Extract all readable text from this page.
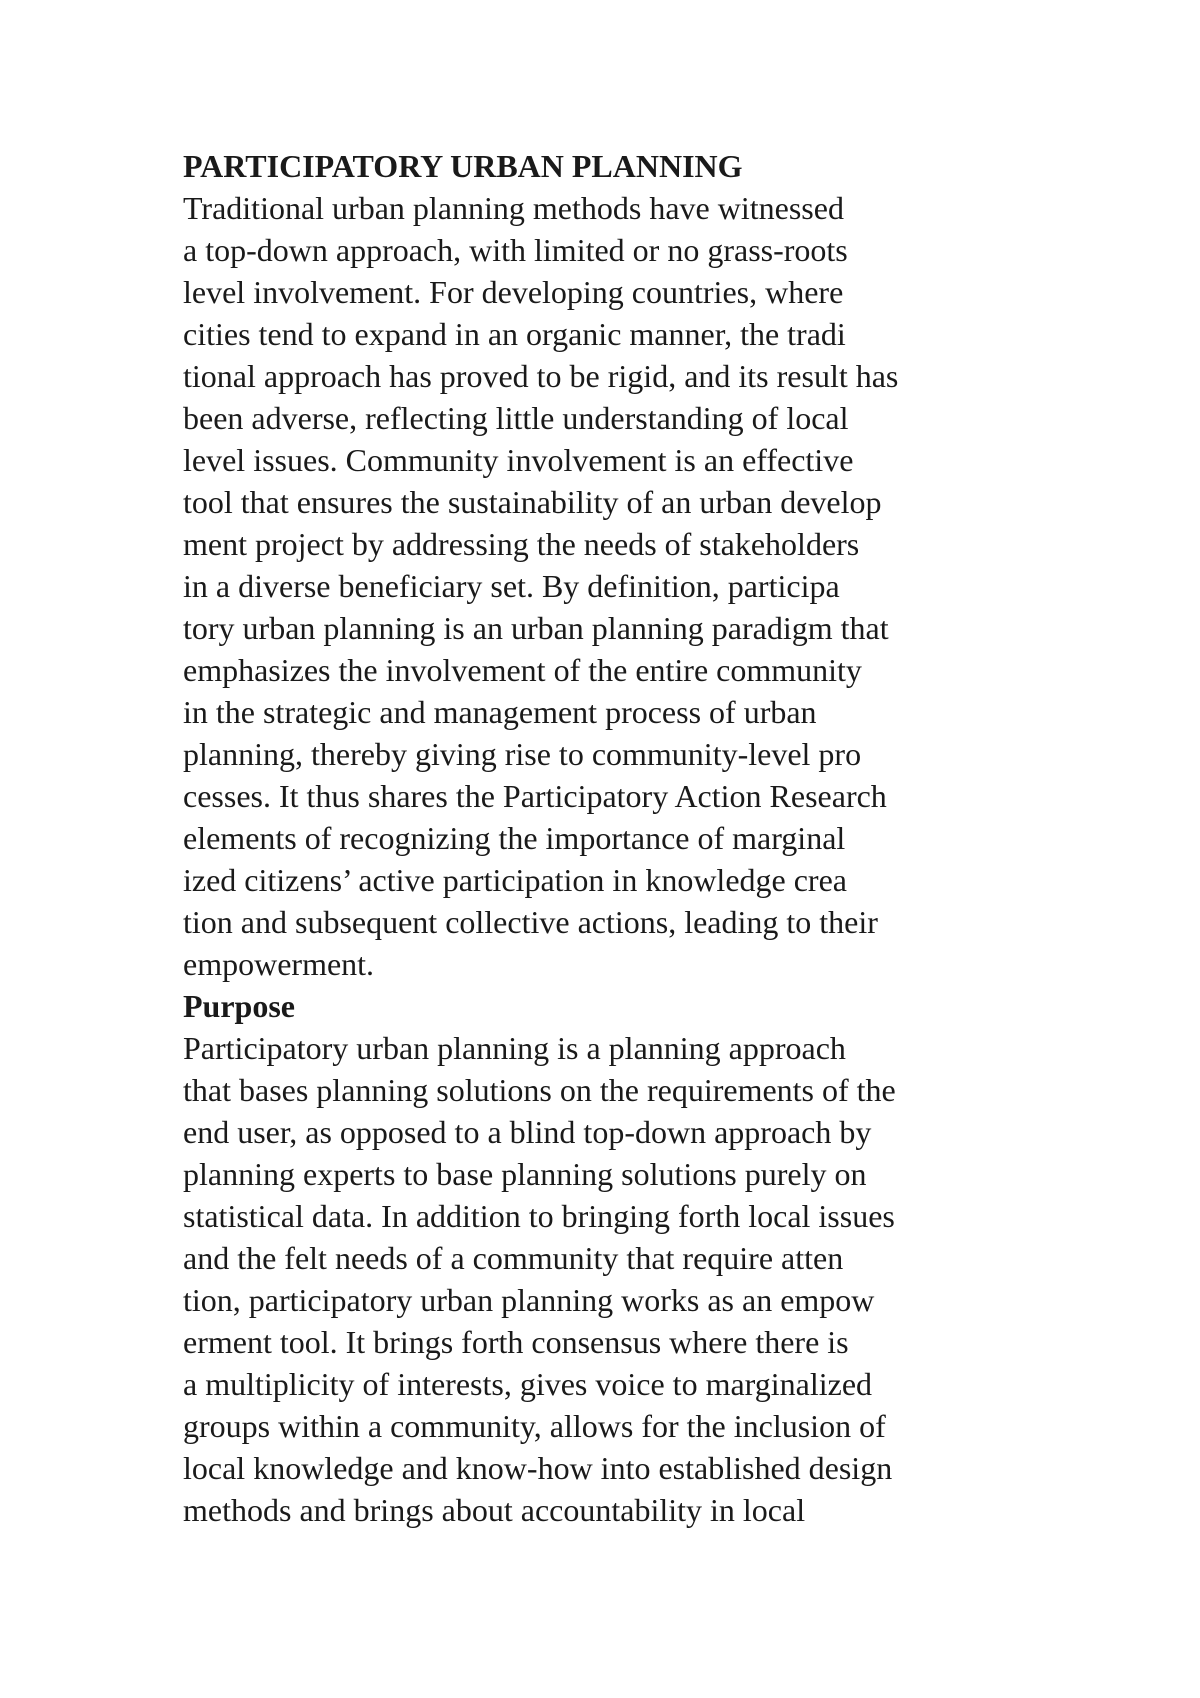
PARTICIPATORY URBAN PLANNING
Traditional urban planning methods have witnessed
a top-down approach, with limited or no grass-roots
level involvement. For developing countries, where
cities tend to expand in an organic manner, the tradi
tional approach has proved to be rigid, and its result has
been adverse, reflecting little understanding of local
level issues. Community involvement is an effective
tool that ensures the sustainability of an urban develop
ment project by addressing the needs of stakeholders
in a diverse beneficiary set. By definition, participa
tory urban planning is an urban planning paradigm that
emphasizes the involvement of the entire community
in the strategic and management process of urban
planning, thereby giving rise to community-level pro
cesses. It thus shares the Participatory Action Research
elements of recognizing the importance of marginal
ized citizens’ active participation in knowledge crea
tion and subsequent collective actions, leading to their
empowerment.
Purpose
Participatory urban planning is a planning approach
that bases planning solutions on the requirements of the
end user, as opposed to a blind top-down approach by
planning experts to base planning solutions purely on
statistical data. In addition to bringing forth local issues
and the felt needs of a community that require atten
tion, participatory urban planning works as an empow
erment tool. It brings forth consensus where there is
a multiplicity of interests, gives voice to marginalized
groups within a community, allows for the inclusion of
local knowledge and know-how into established design
methods and brings about accountability in local
